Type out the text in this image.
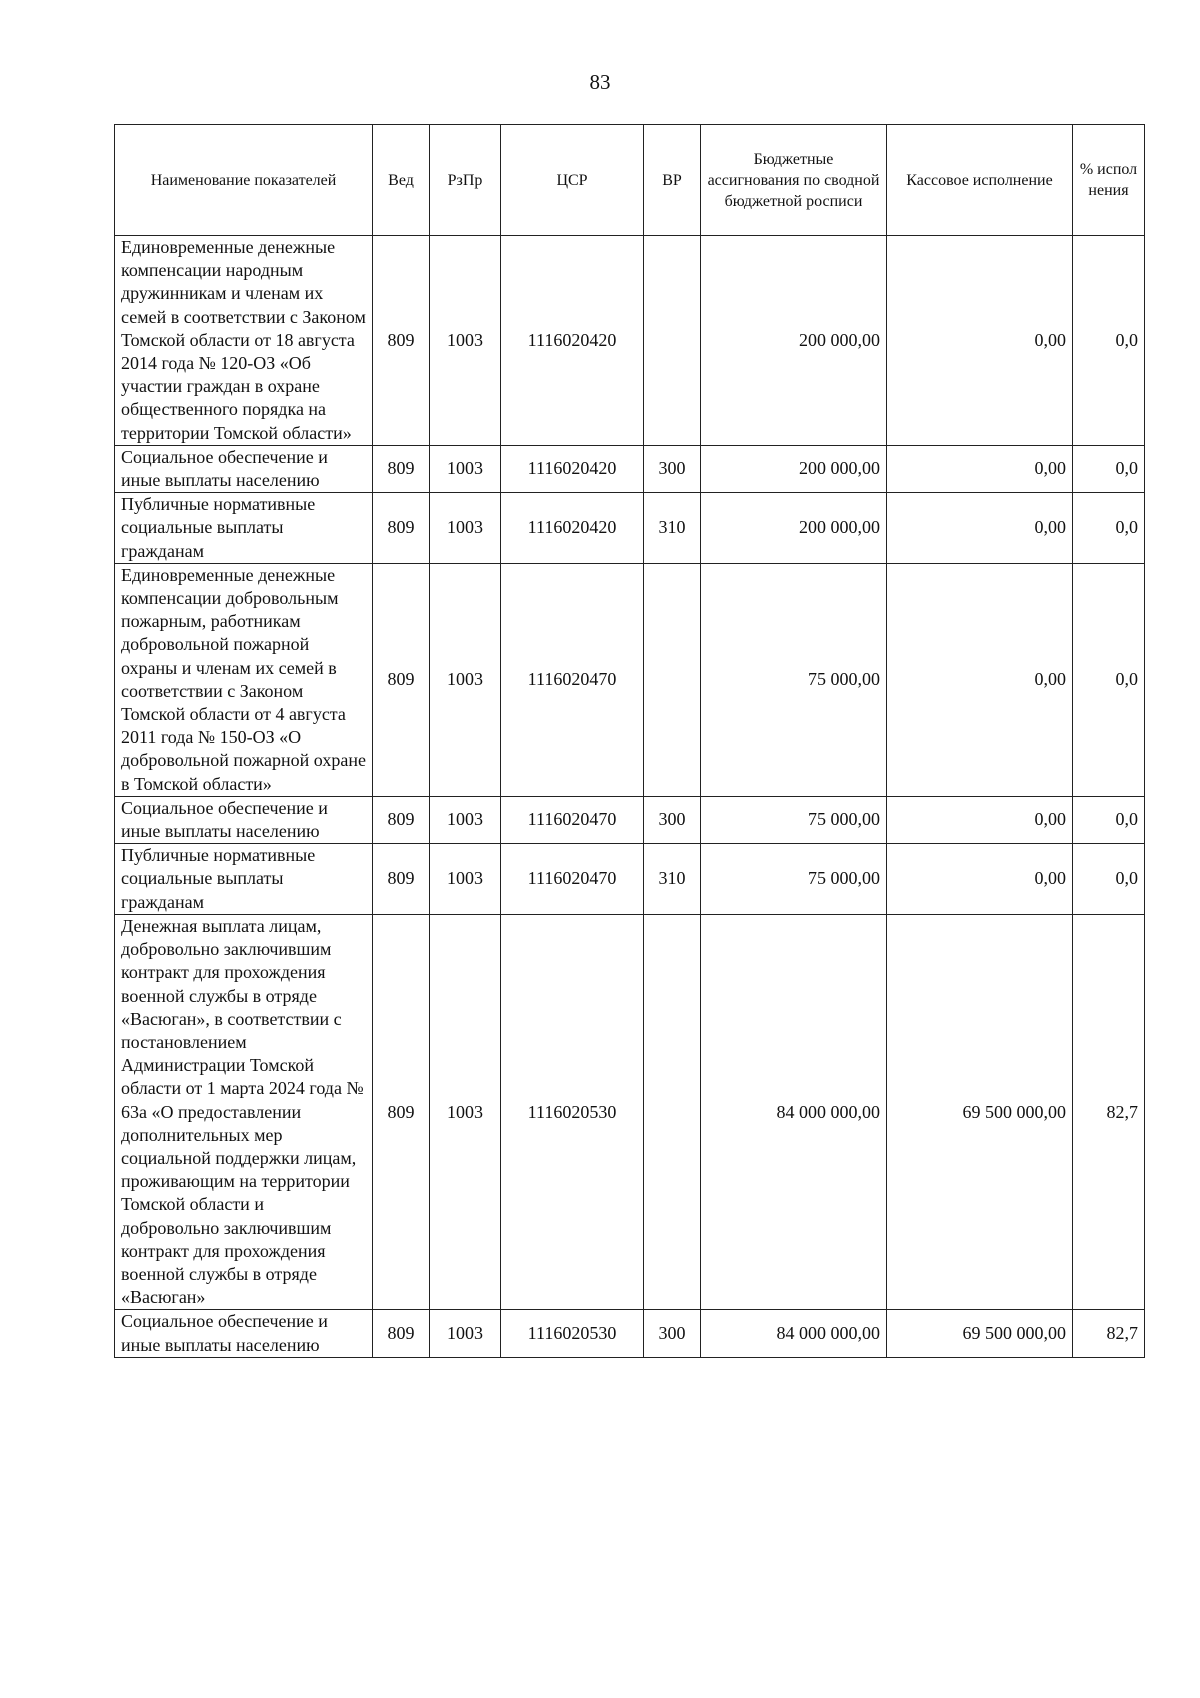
83
Наименование показателей	Вед	РзПр	ЦСР	ВР	Бюджетные ассигнования по сводной бюджетной росписи	Кассовое исполнение	% испол нения
Единовременные денежные компенсации народным дружинникам и членам их семей в соответствии с Законом Томской области от 18 августа 2014 года № 120-ОЗ «Об участии граждан в охране общественного порядка на территории Томской области»	809	1003	1116020420		200 000,00	0,00	0,0
Социальное обеспечение и иные выплаты населению	809	1003	1116020420	300	200 000,00	0,00	0,0
Публичные нормативные социальные выплаты гражданам	809	1003	1116020420	310	200 000,00	0,00	0,0
Единовременные денежные компенсации добровольным пожарным, работникам добровольной пожарной охраны и членам их семей в соответствии с Законом Томской области от 4 августа 2011 года № 150-ОЗ «О добровольной пожарной охране в Томской области»	809	1003	1116020470		75 000,00	0,00	0,0
Социальное обеспечение и иные выплаты населению	809	1003	1116020470	300	75 000,00	0,00	0,0
Публичные нормативные социальные выплаты гражданам	809	1003	1116020470	310	75 000,00	0,00	0,0
Денежная выплата лицам, добровольно заключившим контракт для прохождения военной службы в отряде «Васюган», в соответствии с постановлением Администрации Томской области от 1 марта 2024 года № 63а «О предоставлении дополнительных мер социальной поддержки лицам, проживающим на территории Томской области и добровольно заключившим контракт для прохождения военной службы в отряде «Васюган»	809	1003	1116020530		84 000 000,00	69 500 000,00	82,7
Социальное обеспечение и иные выплаты населению	809	1003	1116020530	300	84 000 000,00	69 500 000,00	82,7
